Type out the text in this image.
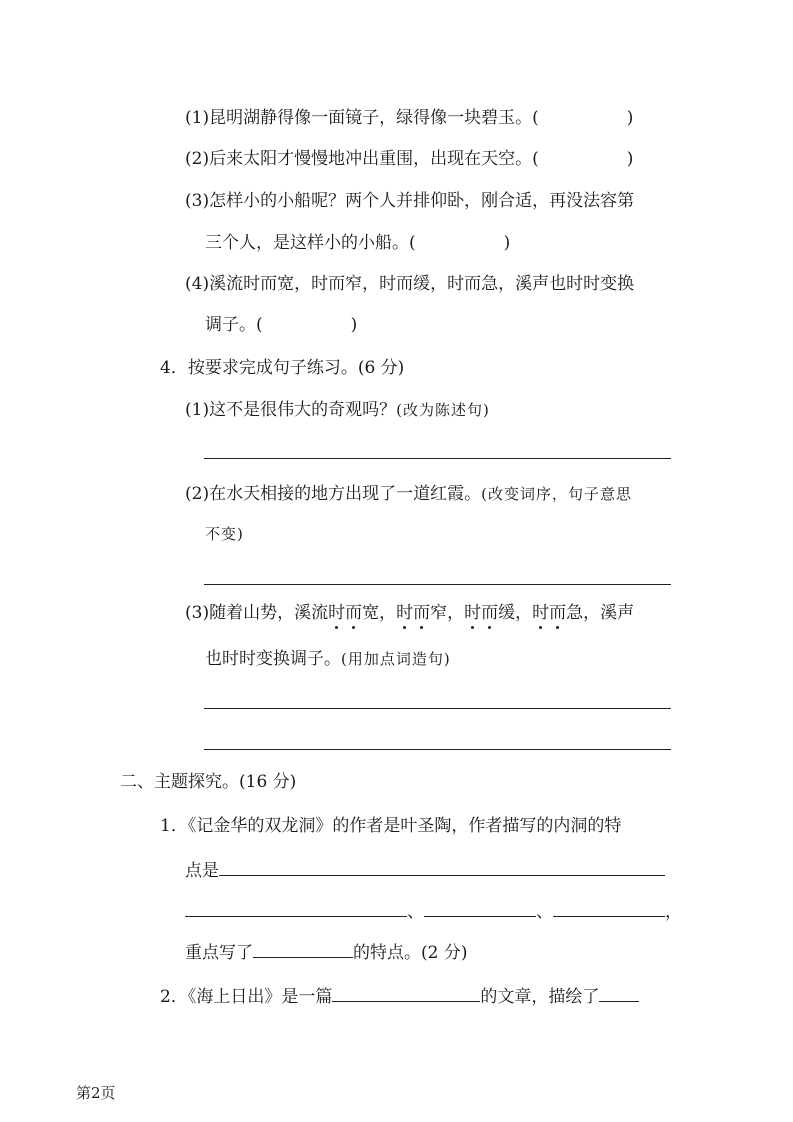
(1)昆明湖静得像一面镜子，绿得像一块碧玉。(	)
(2)后来太阳才慢慢地冲出重围，出现在天空。(	)
(3)怎样小的小船呢？两个人并排仰卧，刚合适，再没法容第
三个人，是这样小的小船。(	)
(4)溪流时而宽，时而窄，时而缓，时而急，溪声也时时变换
调子。(	)
4．按要求完成句子练习。(6 分)
(1)这不是很伟大的奇观吗？(改为陈述句)
(2)在水天相接的地方出现了一道红霞。(改变词序，句子意思
不变)
(3)随着山势，溪流时而宽，时而窄，时而缓，时而急，溪声
也时时变换调子。(用加点词造句)
二、主题探究。(16 分)
1．《记金华的双龙洞》的作者是叶圣陶，作者描写的内洞的特
点是
、	、	，
重点写了	的特点。(2 分)
2．《海上日出》是一篇	的文章，描绘了
第2页
